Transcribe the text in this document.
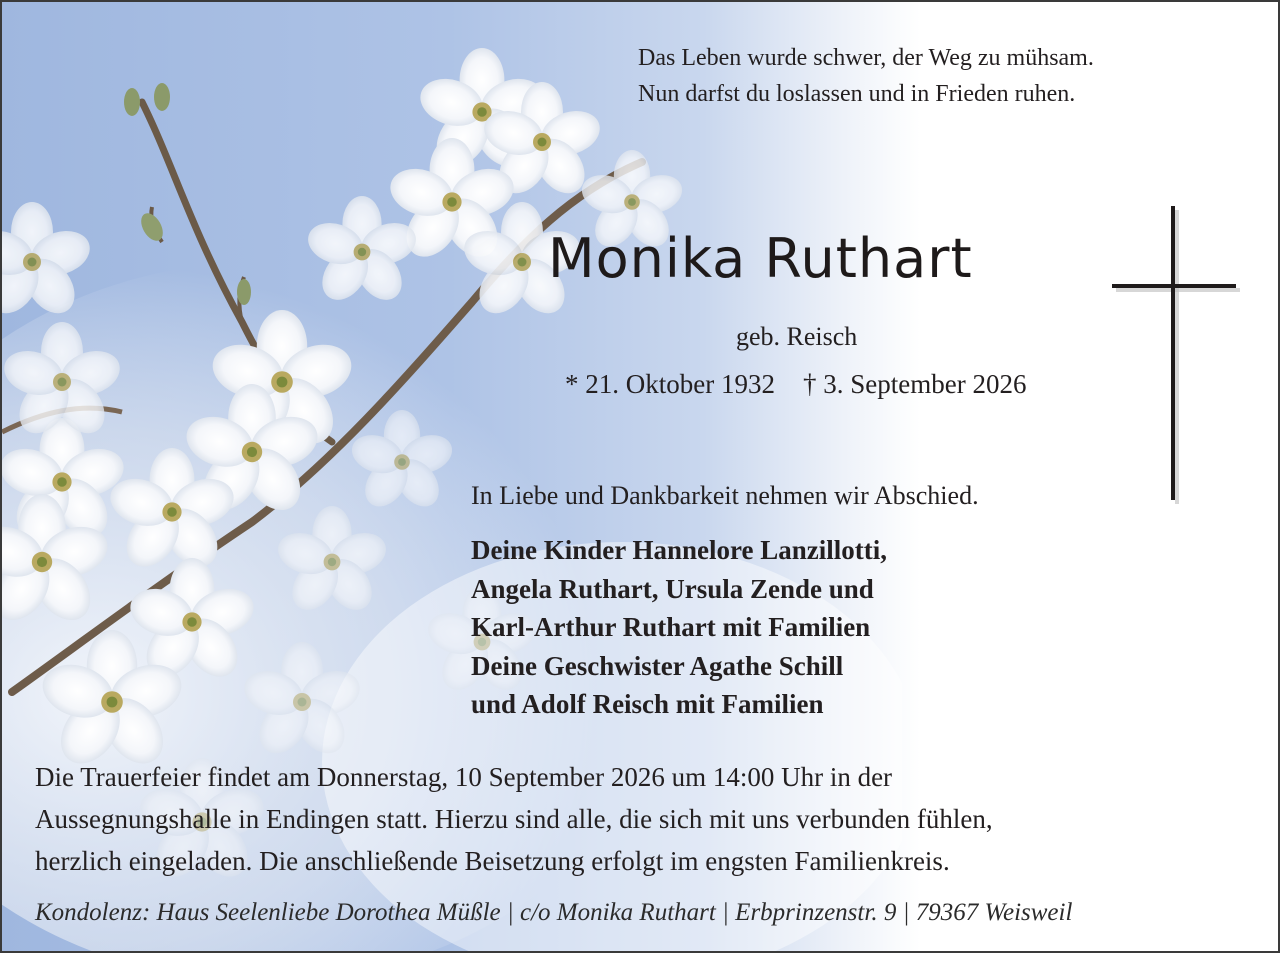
Das Leben wurde schwer, der Weg zu mühsam.
Nun darfst du loslassen und in Frieden ruhen.

Monika Ruthart

geb. Reisch

* 21. Oktober 1932 † 3. September 2026

In Liebe und Dankbarkeit nehmen wir Abschied.

Deine Kinder Hannelore Lanzillotti,
Angela Ruthart, Ursula Zende und
Karl-Arthur Ruthart mit Familien
Deine Geschwister Agathe Schill
und Adolf Reisch mit Familien

Die Trauerfeier findet am Donnerstag, 10 September 2026 um 14:00 Uhr in der
Aussegnungshalle in Endingen statt. Hierzu sind alle, die sich mit uns verbunden fühlen,
herzlich eingeladen. Die anschließende Beisetzung erfolgt im engsten Familienkreis.

Kondolenz: Haus Seelenliebe Dorothea Müßle | c/o Monika Ruthart | Erbprinzenstr. 9 | 79367 Weisweil
